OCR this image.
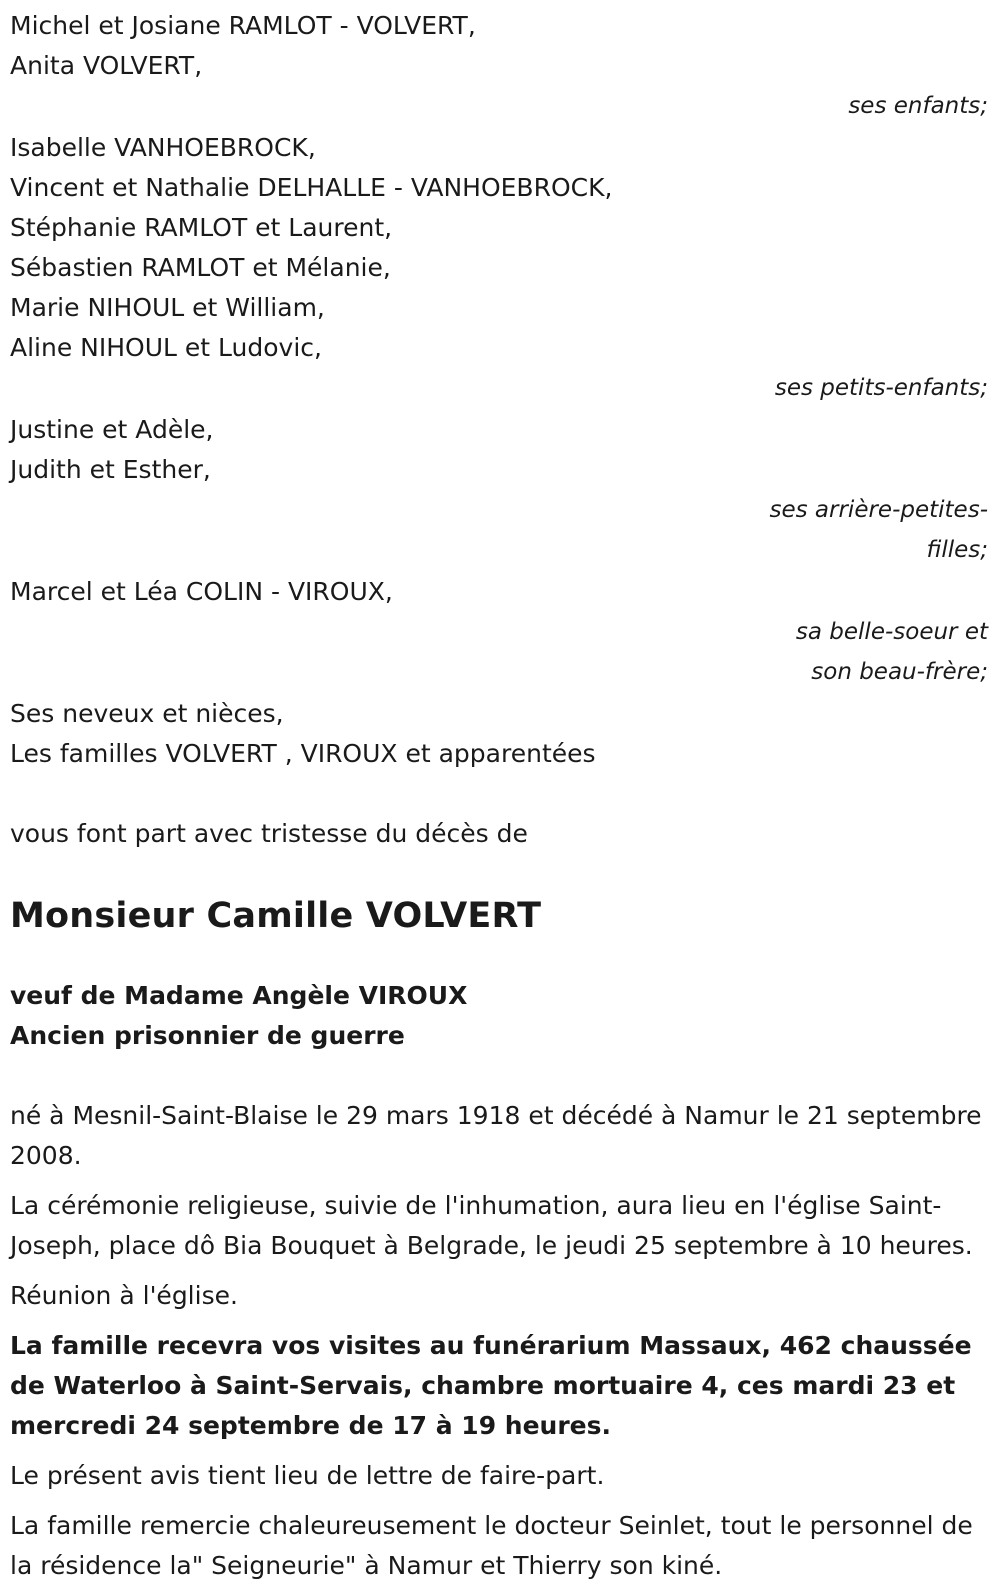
Michel et Josiane RAMLOT - VOLVERT,
Anita VOLVERT,
ses enfants;
Isabelle VANHOEBROCK,
Vincent et Nathalie DELHALLE - VANHOEBROCK,
Stéphanie RAMLOT et Laurent,
Sébastien RAMLOT et Mélanie,
Marie NIHOUL et William,
Aline NIHOUL et Ludovic,
ses petits-enfants;
Justine et Adèle,
Judith et Esther,
ses arrière-petites-
filles;
Marcel et Léa COLIN - VIROUX,
sa belle-soeur et
son beau-frère;
Ses neveux et nièces,
Les familles VOLVERT , VIROUX et apparentées
vous font part avec tristesse du décès de
Monsieur Camille VOLVERT
veuf de Madame Angèle VIROUX
Ancien prisonnier de guerre

né à Mesnil-Saint-Blaise le 29 mars 1918 et décédé à Namur le 21 septembre 2008.

La cérémonie religieuse, suivie de l'inhumation, aura lieu en l'église Saint-Joseph, place dô Bia Bouquet à Belgrade, le jeudi 25 septembre à 10 heures.

Réunion à l'église.

La famille recevra vos visites au funérarium Massaux, 462 chaussée de Waterloo à Saint-Servais, chambre mortuaire 4, ces mardi 23 et mercredi 24 septembre de 17 à 19 heures.

Le présent avis tient lieu de lettre de faire-part.

La famille remercie chaleureusement le docteur Seinlet, tout le personnel de la résidence la" Seigneurie" à Namur et Thierry son kiné.
